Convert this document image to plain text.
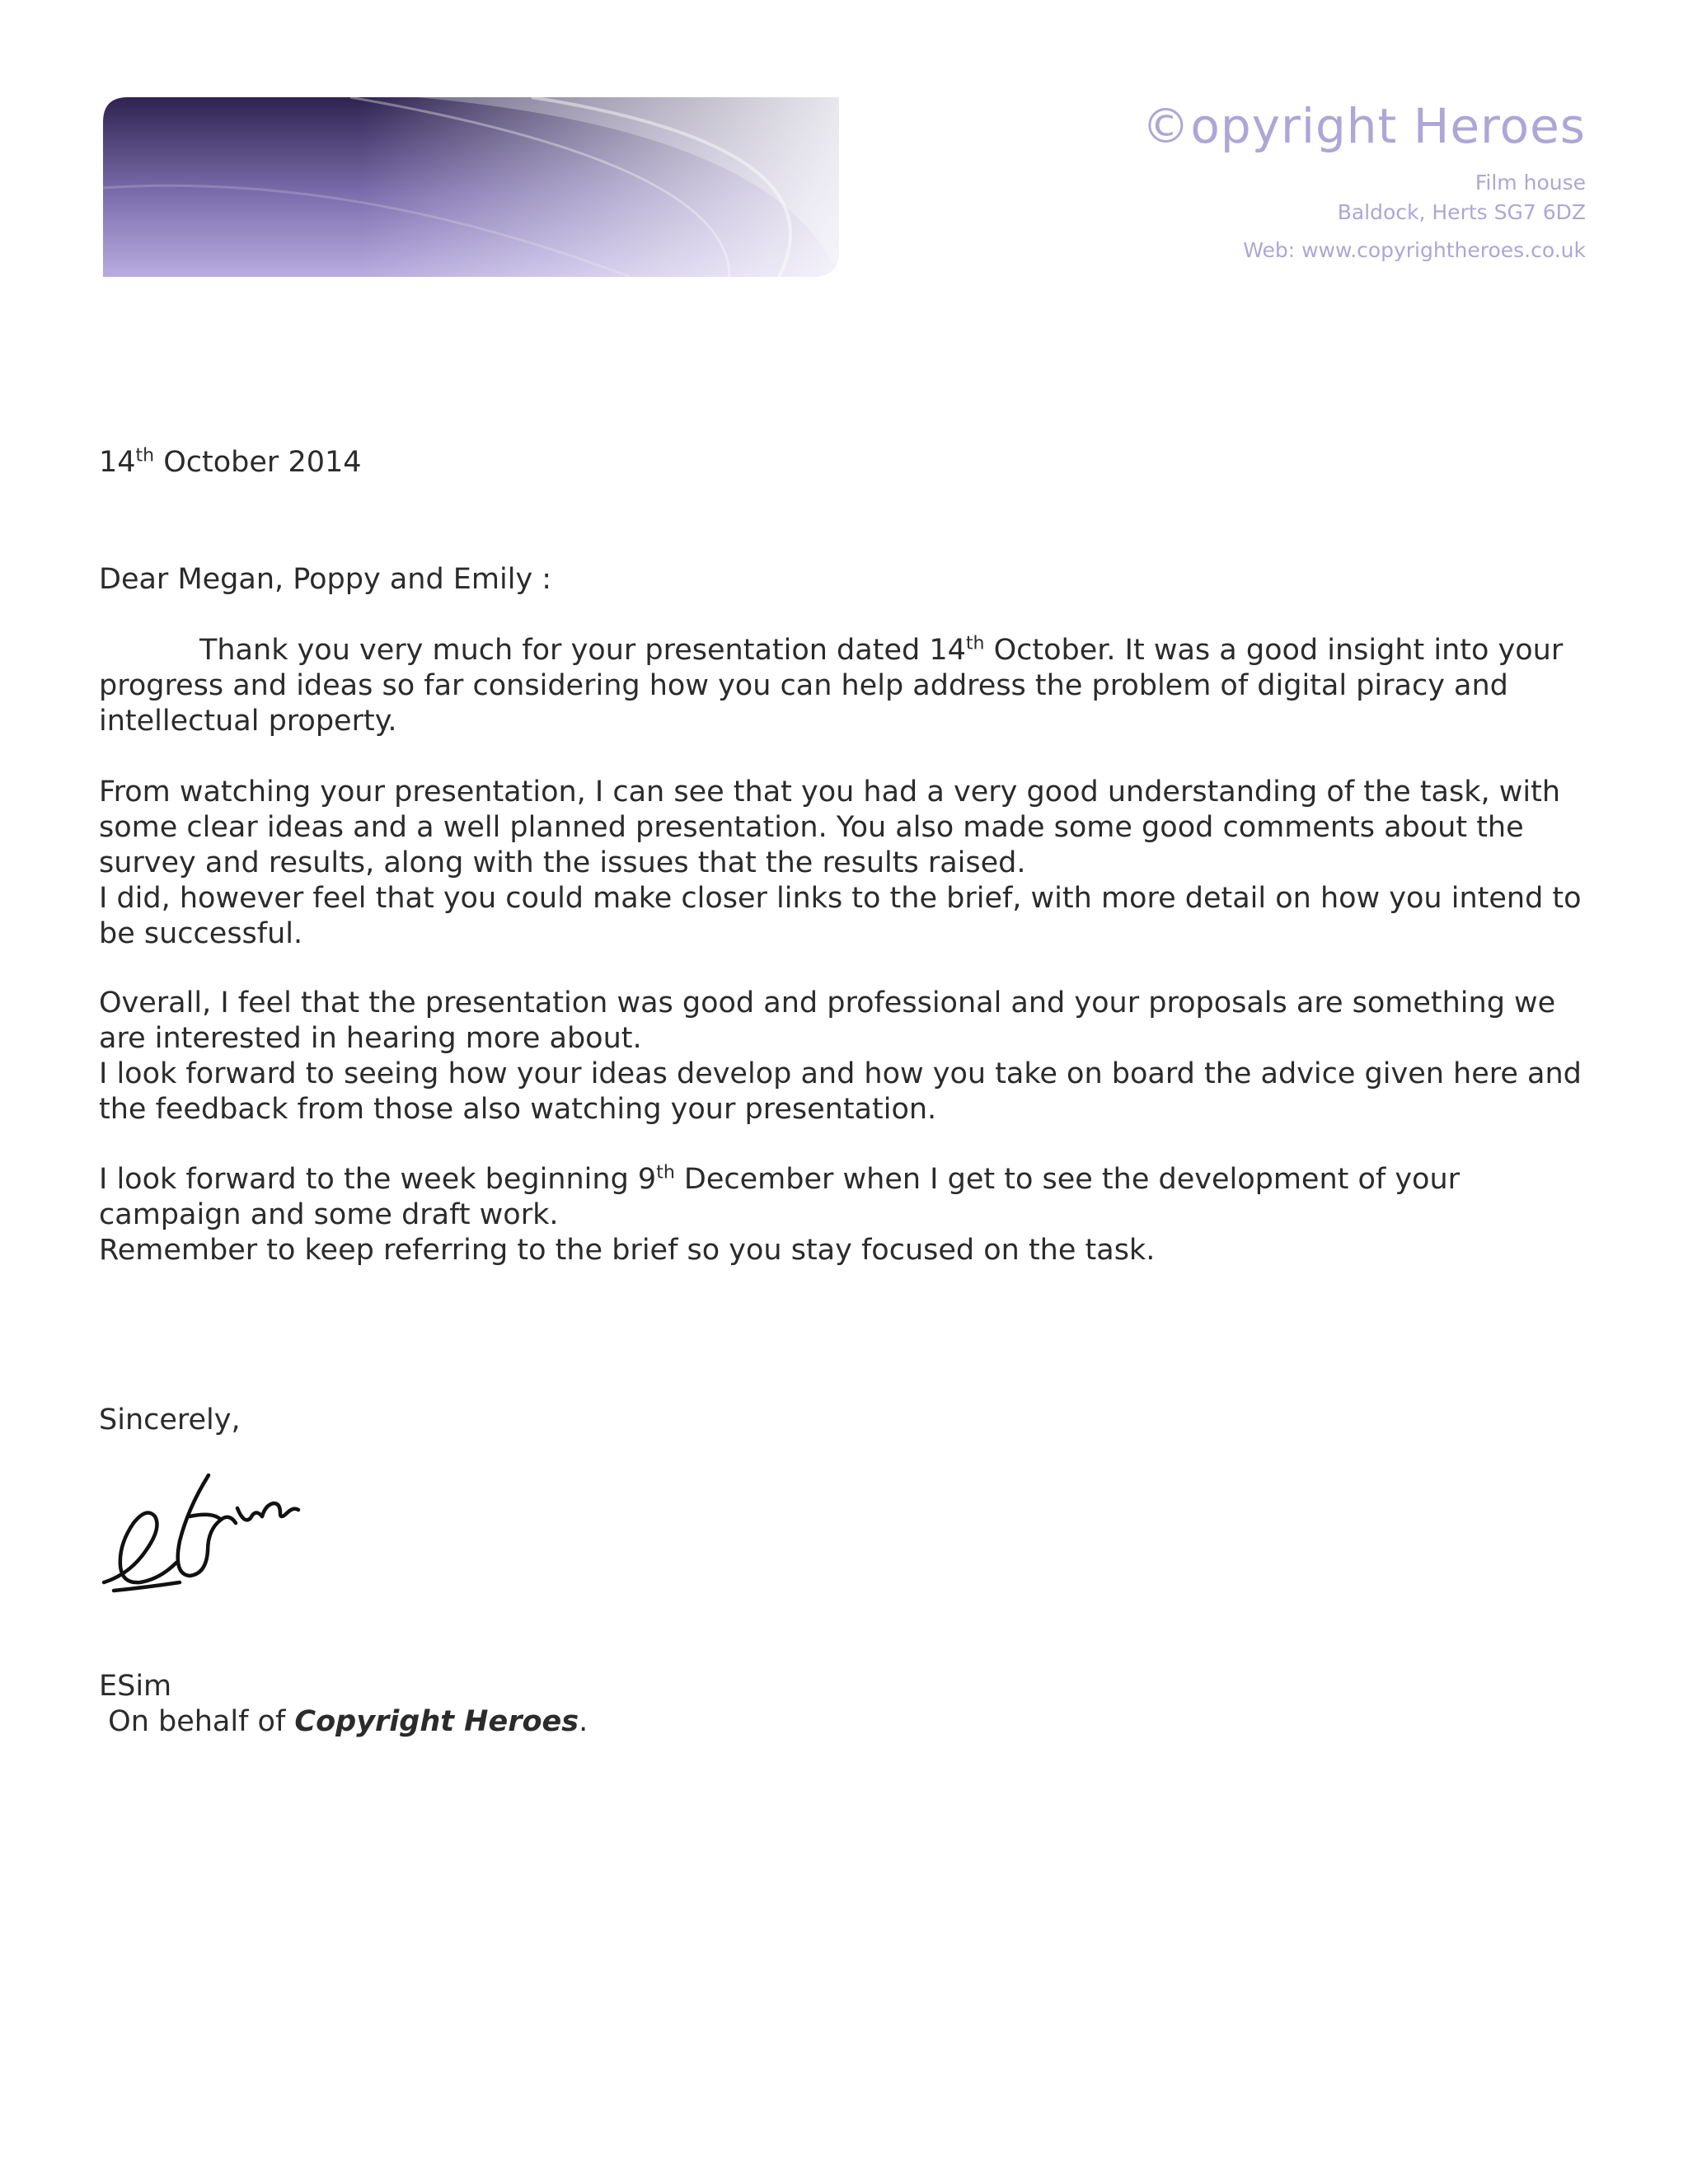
©opyright Heroes
Film house
Baldock, Herts SG7 6DZ
Web: www.copyrightheroes.co.uk
14th October 2014
Dear Megan, Poppy and Emily :
Thank you very much for your presentation dated 14th October. It was a good insight into your progress and ideas so far considering how you can help address the problem of digital piracy and intellectual property.

From watching your presentation, I can see that you had a very good understanding of the task, with some clear ideas and a well planned presentation. You also made some good comments about the survey and results, along with the issues that the results raised.

I did, however feel that you could make closer links to the brief, with more detail on how you intend to be successful.

Overall, I feel that the presentation was good and professional and your proposals are something we are interested in hearing more about.

I look forward to seeing how your ideas develop and how you take on board the advice given here and the feedback from those also watching your presentation.

I look forward to the week beginning 9th December when I get to see the development of your campaign and some draft work.

Remember to keep referring to the brief so you stay focused on the task.

Sincerely,
ESim
On behalf of Copyright Heroes.
